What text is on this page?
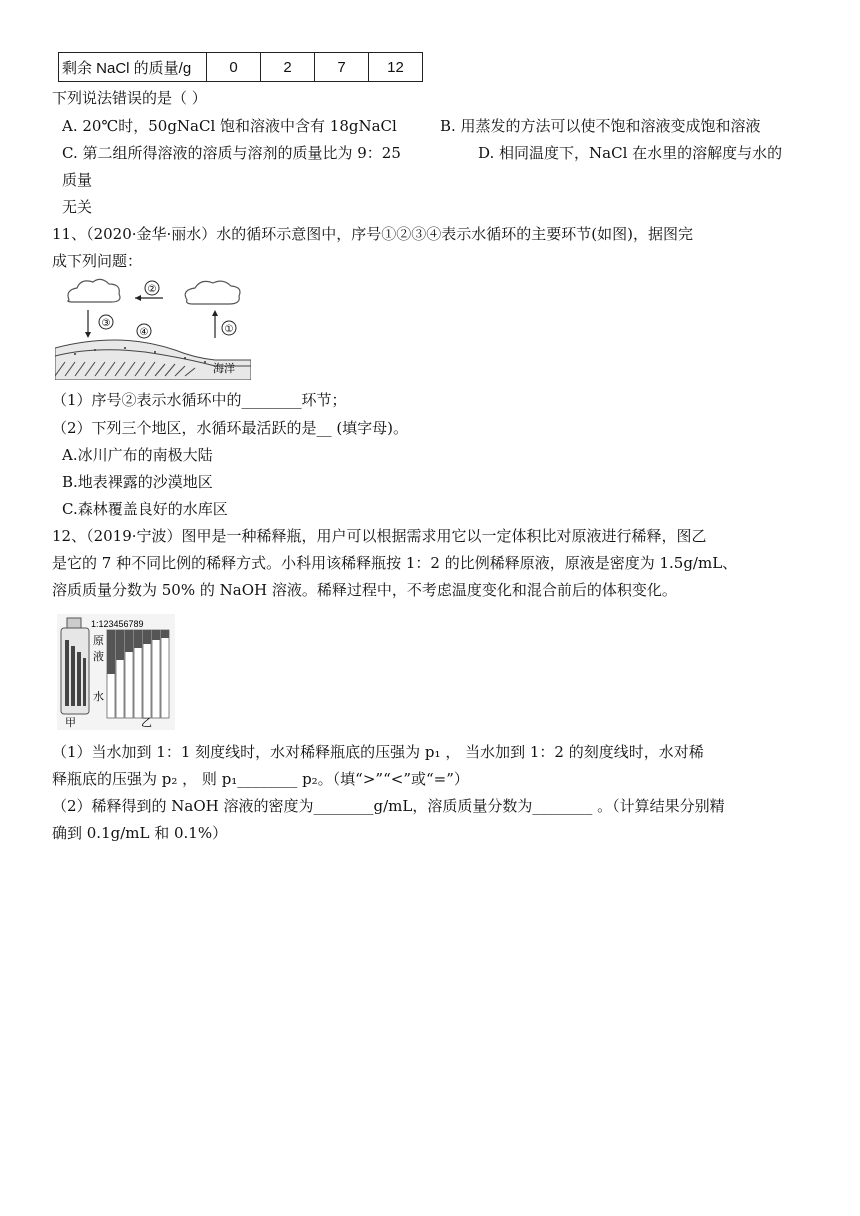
剩余 NaCl 的质量/g	0	2	7	12
下列说法错误的是（ ）
A. 20℃时，50gNaCl 饱和溶液中含有 18gNaCl	B. 用蒸发的方法可以使不饱和溶液变成饱和溶液
C. 第二组所得溶液的溶质与溶剂的质量比为 9：25	D. 相同温度下，NaCl 在水里的溶解度与水的
质量
无关
11、（2020·金华·丽水）水的循环示意图中，序号①②③④表示水循环的主要环节(如图)，据图完
成下列问题：
②
③
①
④
海洋
（1）序号②表示水循环中的________环节；
（2）下列三个地区，水循环最活跃的是__ (填字母)。
A.冰川广布的南极大陆
B.地表裸露的沙漠地区
C.森林覆盖良好的水库区
12、（2019·宁波）图甲是一种稀释瓶，用户可以根据需求用它以一定体积比对原液进行稀释，图乙
是它的 7 种不同比例的稀释方式。小科用该稀释瓶按 1：2 的比例稀释原液，原液是密度为 1.5g/mL、
溶质质量分数为 50% 的 NaOH 溶液。稀释过程中，不考虑温度变化和混合前后的体积变化。
1:123456789
原
液
水
甲	乙
（1）当水加到 1：1 刻度线时，水对稀释瓶底的压强为 p₁ ， 当水加到 1：2 的刻度线时，水对稀
释瓶底的压强为 p₂ ， 则 p₁________ p₂。（填“>”“<”或“=”）
（2）稀释得到的 NaOH 溶液的密度为________g/mL，溶质质量分数为________ 。（计算结果分别精
确到 0.1g/mL 和 0.1%）
